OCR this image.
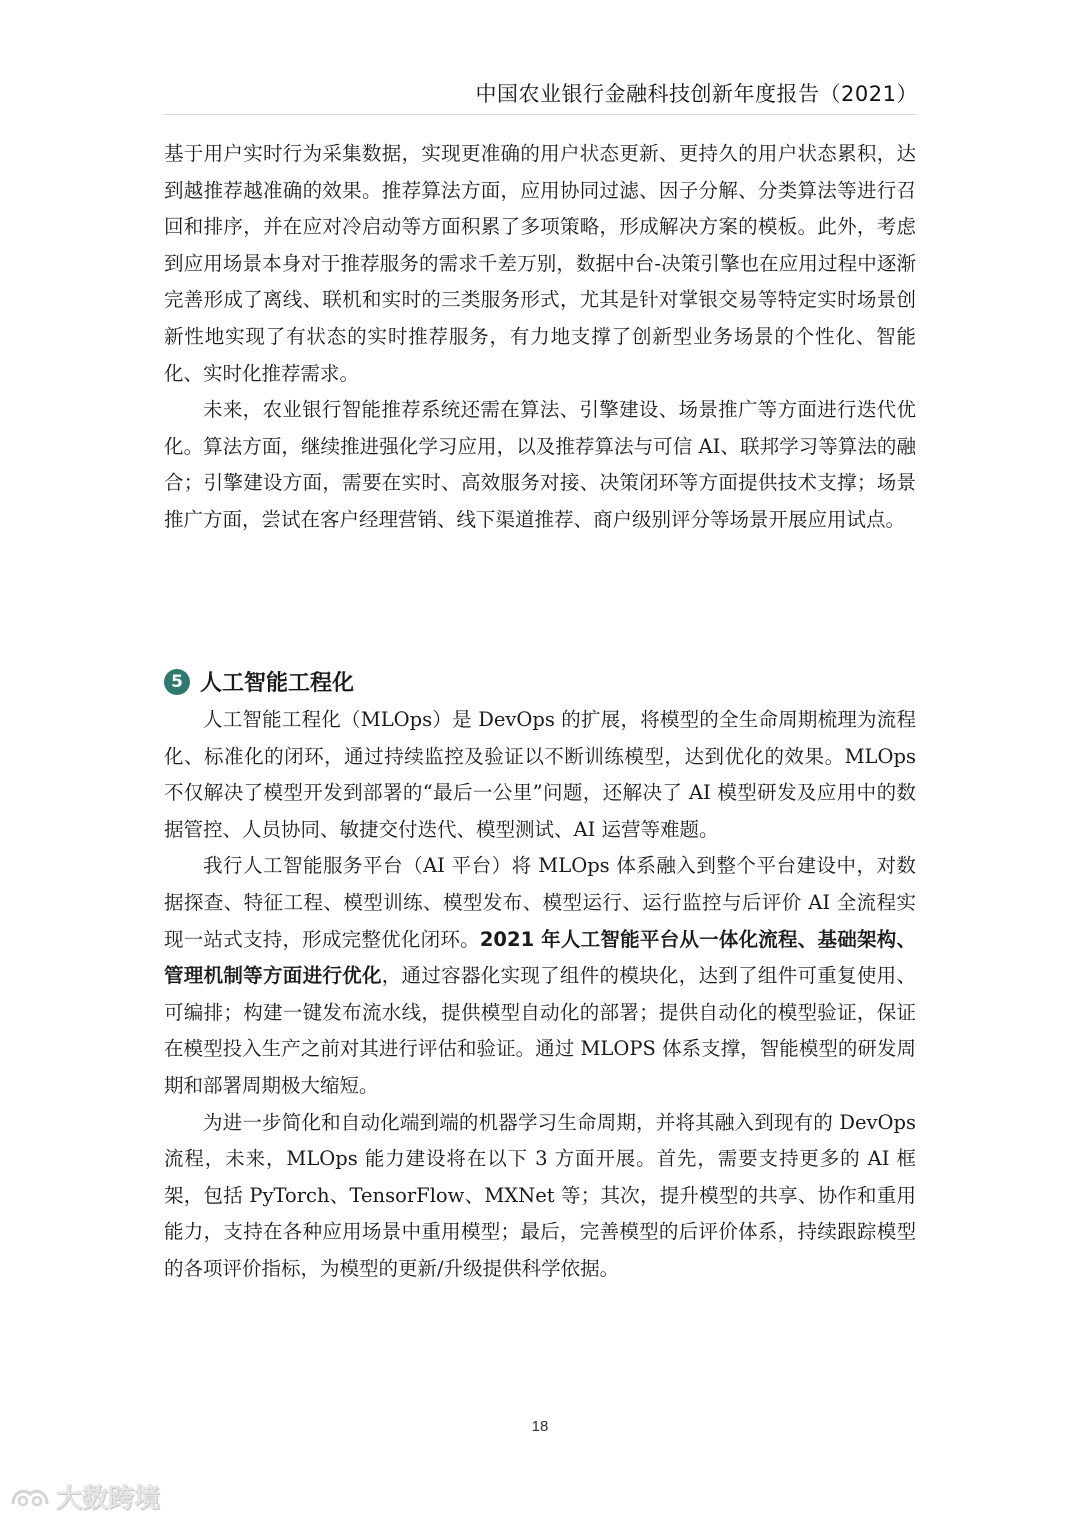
中国农业银行金融科技创新年度报告（2021）

基于用户实时行为采集数据，实现更准确的用户状态更新、更持久的用户状态累积，达到越推荐越准确的效果。推荐算法方面，应用协同过滤、因子分解、分类算法等进行召回和排序，并在应对冷启动等方面积累了多项策略，形成解决方案的模板。此外，考虑到应用场景本身对于推荐服务的需求千差万别，数据中台-决策引擎也在应用过程中逐渐完善形成了离线、联机和实时的三类服务形式，尤其是针对掌银交易等特定实时场景创新性地实现了有状态的实时推荐服务，有力地支撑了创新型业务场景的个性化、智能化、实时化推荐需求。

未来，农业银行智能推荐系统还需在算法、引擎建设、场景推广等方面进行迭代优化。算法方面，继续推进强化学习应用，以及推荐算法与可信 AI、联邦学习等算法的融合；引擎建设方面，需要在实时、高效服务对接、决策闭环等方面提供技术支撑；场景推广方面，尝试在客户经理营销、线下渠道推荐、商户级别评分等场景开展应用试点。

5 人工智能工程化

人工智能工程化（MLOps）是 DevOps 的扩展，将模型的全生命周期梳理为流程化、标准化的闭环，通过持续监控及验证以不断训练模型，达到优化的效果。MLOps 不仅解决了模型开发到部署的“最后一公里”问题，还解决了 AI 模型研发及应用中的数据管控、人员协同、敏捷交付迭代、模型测试、AI 运营等难题。

我行人工智能服务平台（AI 平台）将 MLOps 体系融入到整个平台建设中，对数据探查、特征工程、模型训练、模型发布、模型运行、运行监控与后评价 AI 全流程实现一站式支持，形成完整优化闭环。2021 年人工智能平台从一体化流程、基础架构、管理机制等方面进行优化，通过容器化实现了组件的模块化，达到了组件可重复使用、可编排；构建一键发布流水线，提供模型自动化的部署；提供自动化的模型验证，保证在模型投入生产之前对其进行评估和验证。通过 MLOPS 体系支撑，智能模型的研发周期和部署周期极大缩短。

为进一步简化和自动化端到端的机器学习生命周期，并将其融入到现有的 DevOps 流程，未来，MLOps 能力建设将在以下 3 方面开展。首先，需要支持更多的 AI 框架，包括 PyTorch、TensorFlow、MXNet 等；其次，提升模型的共享、协作和重用能力，支持在各种应用场景中重用模型；最后，完善模型的后评价体系，持续跟踪模型的各项评价指标，为模型的更新/升级提供科学依据。

18
大数跨境
